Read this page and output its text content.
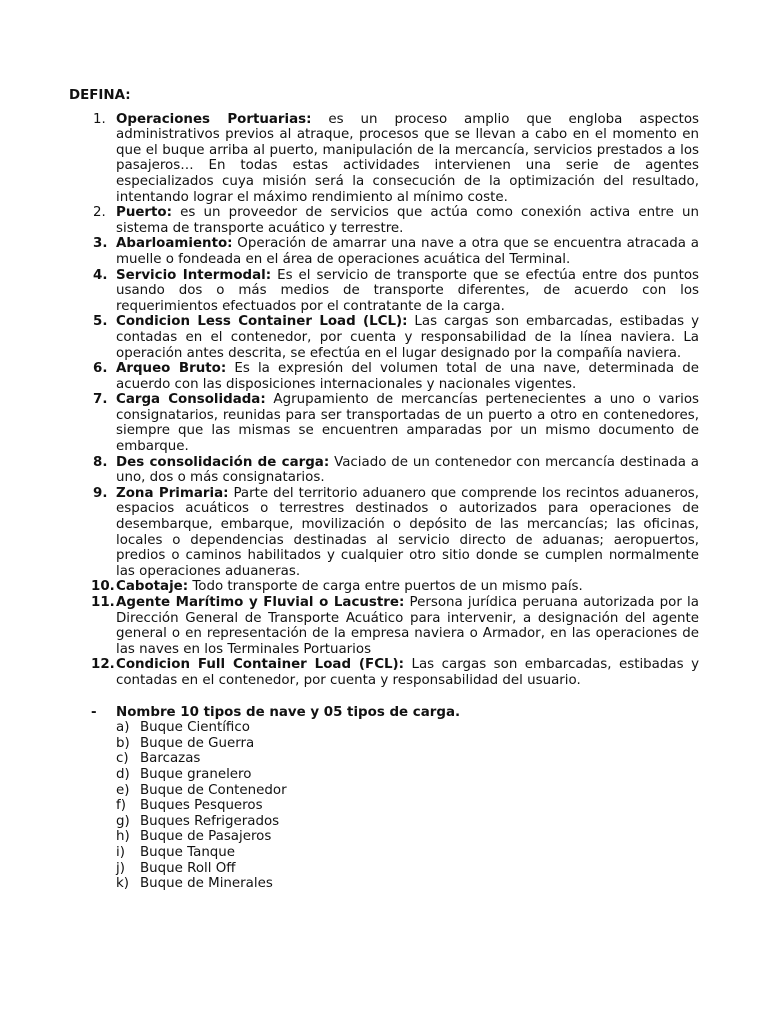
DEFINA:
1. Operaciones Portuarias: es un proceso amplio que engloba aspectos administrativos previos al atraque, procesos que se llevan a cabo en el momento en que el buque arriba al puerto, manipulación de la mercancía, servicios prestados a los pasajeros… En todas estas actividades intervienen una serie de agentes especializados cuya misión será la consecución de la optimización del resultado, intentando lograr el máximo rendimiento al mínimo coste.
2. Puerto: es un proveedor de servicios que actúa como conexión activa entre un sistema de transporte acuático y terrestre.
3. Abarloamiento: Operación de amarrar una nave a otra que se encuentra atracada a muelle o fondeada en el área de operaciones acuática del Terminal.
4. Servicio Intermodal: Es el servicio de transporte que se efectúa entre dos puntos usando dos o más medios de transporte diferentes, de acuerdo con los requerimientos efectuados por el contratante de la carga.
5. Condicion Less Container Load (LCL): Las cargas son embarcadas, estibadas y contadas en el contenedor, por cuenta y responsabilidad de la línea naviera. La operación antes descrita, se efectúa en el lugar designado por la compañía naviera.
6. Arqueo Bruto: Es la expresión del volumen total de una nave, determinada de acuerdo con las disposiciones internacionales y nacionales vigentes.
7. Carga Consolidada: Agrupamiento de mercancías pertenecientes a uno o varios consignatarios, reunidas para ser transportadas de un puerto a otro en contenedores, siempre que las mismas se encuentren amparadas por un mismo documento de embarque.
8. Des consolidación de carga: Vaciado de un contenedor con mercancía destinada a uno, dos o más consignatarios.
9. Zona Primaria: Parte del territorio aduanero que comprende los recintos aduaneros, espacios acuáticos o terrestres destinados o autorizados para operaciones de desembarque, embarque, movilización o depósito de las mercancías; las oficinas, locales o dependencias destinadas al servicio directo de aduanas; aeropuertos, predios o caminos habilitados y cualquier otro sitio donde se cumplen normalmente las operaciones aduaneras.
10. Cabotaje: Todo transporte de carga entre puertos de un mismo país.
11. Agente Marítimo y Fluvial o Lacustre: Persona jurídica peruana autorizada por la Dirección General de Transporte Acuático para intervenir, a designación del agente general o en representación de la empresa naviera o Armador, en las operaciones de las naves en los Terminales Portuarios
12. Condicion Full Container Load (FCL): Las cargas son embarcadas, estibadas y contadas en el contenedor, por cuenta y responsabilidad del usuario.
- Nombre 10 tipos de nave y 05 tipos de carga.
a) Buque Científico
b) Buque de Guerra
c) Barcazas
d) Buque granelero
e) Buque de Contenedor
f) Buques Pesqueros
g) Buques Refrigerados
h) Buque de Pasajeros
i) Buque Tanque
j) Buque Roll Off
k) Buque de Minerales
